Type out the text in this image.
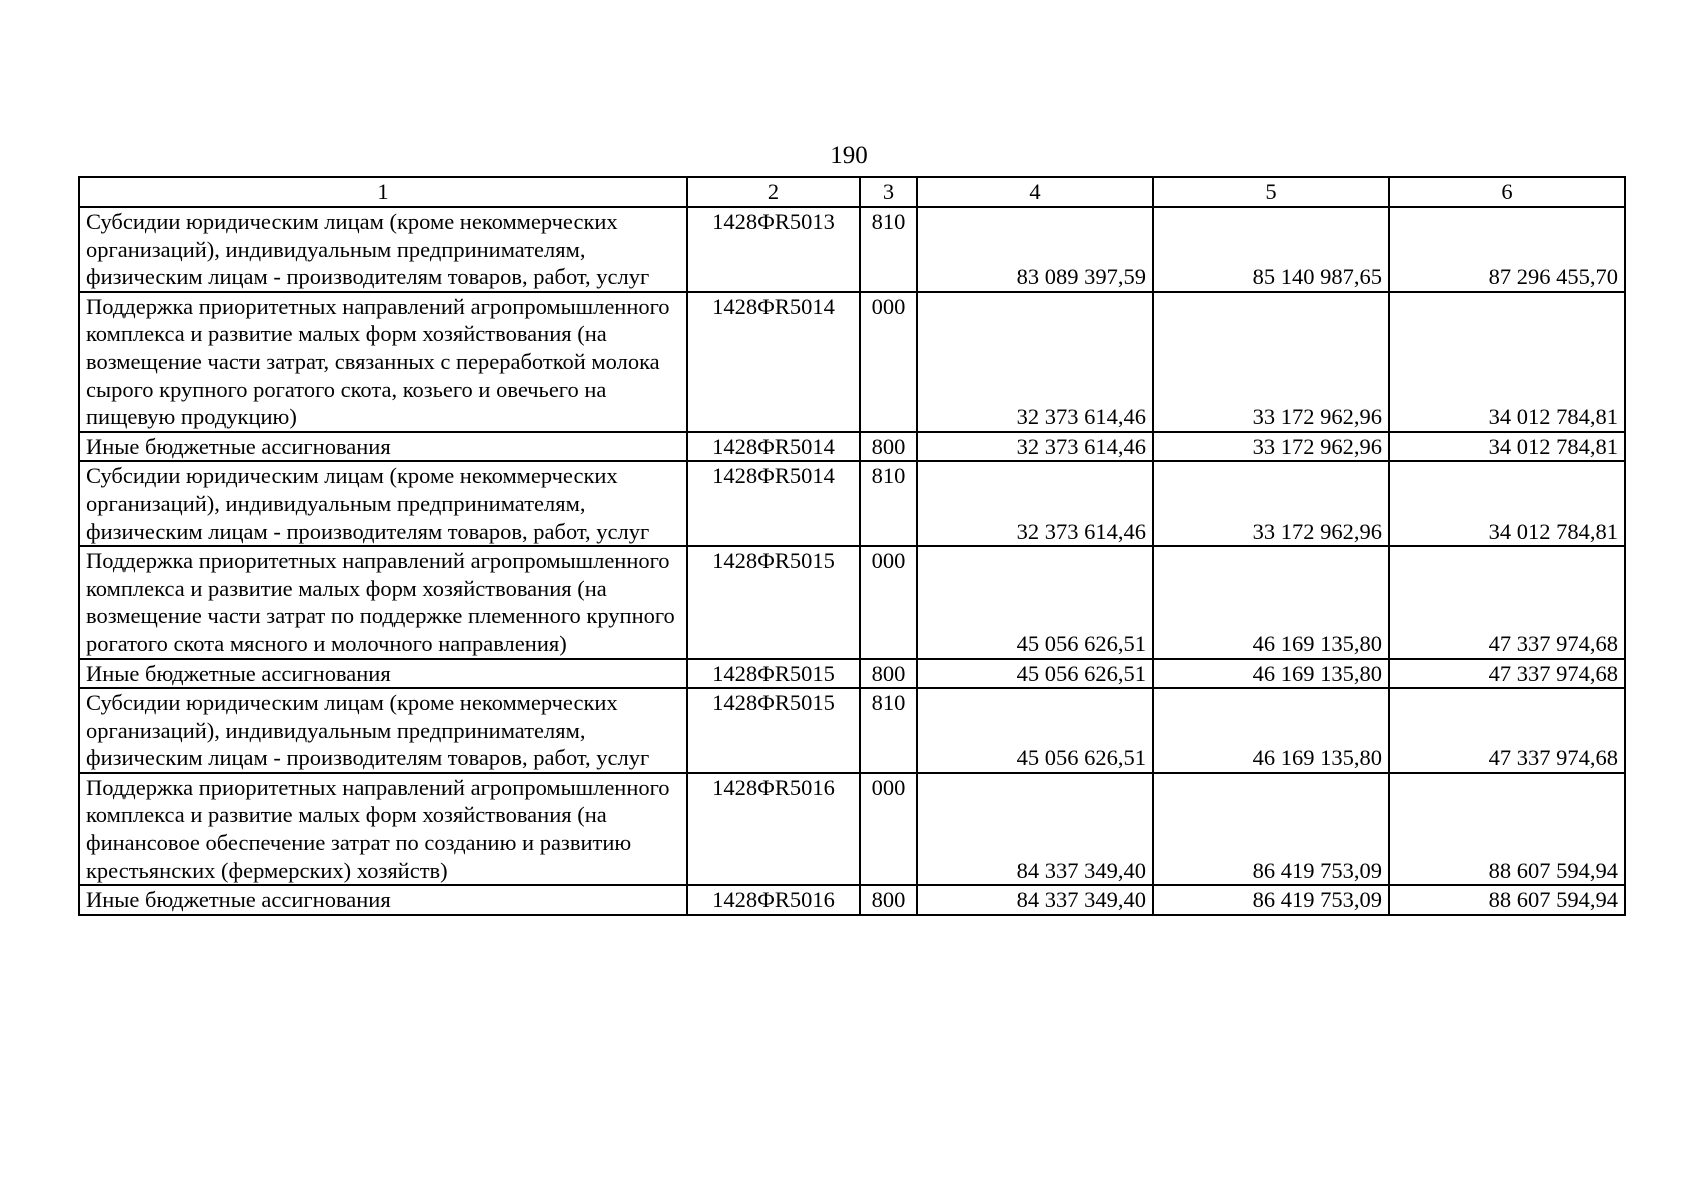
190
1	2	3	4	5	6
Субсидии юридическим лицам (кроме некоммерческих организаций), индивидуальным предпринимателям, физическим лицам - производителям товаров, работ, услуг	1428ФR5013	810	83 089 397,59	85 140 987,65	87 296 455,70
Поддержка приоритетных направлений агропромышленного комплекса и развитие малых форм хозяйствования (на возмещение части затрат, связанных с переработкой молока сырого крупного рогатого скота, козьего и овечьего на пищевую продукцию)	1428ФR5014	000	32 373 614,46	33 172 962,96	34 012 784,81
Иные бюджетные ассигнования	1428ФR5014	800	32 373 614,46	33 172 962,96	34 012 784,81
Субсидии юридическим лицам (кроме некоммерческих организаций), индивидуальным предпринимателям, физическим лицам - производителям товаров, работ, услуг	1428ФR5014	810	32 373 614,46	33 172 962,96	34 012 784,81
Поддержка приоритетных направлений агропромышленного комплекса и развитие малых форм хозяйствования (на возмещение части затрат по поддержке племенного крупного рогатого скота мясного и молочного направления)	1428ФR5015	000	45 056 626,51	46 169 135,80	47 337 974,68
Иные бюджетные ассигнования	1428ФR5015	800	45 056 626,51	46 169 135,80	47 337 974,68
Субсидии юридическим лицам (кроме некоммерческих организаций), индивидуальным предпринимателям, физическим лицам - производителям товаров, работ, услуг	1428ФR5015	810	45 056 626,51	46 169 135,80	47 337 974,68
Поддержка приоритетных направлений агропромышленного комплекса и развитие малых форм хозяйствования (на финансовое обеспечение затрат по созданию и развитию крестьянских (фермерских) хозяйств)	1428ФR5016	000	84 337 349,40	86 419 753,09	88 607 594,94
Иные бюджетные ассигнования	1428ФR5016	800	84 337 349,40	86 419 753,09	88 607 594,94
